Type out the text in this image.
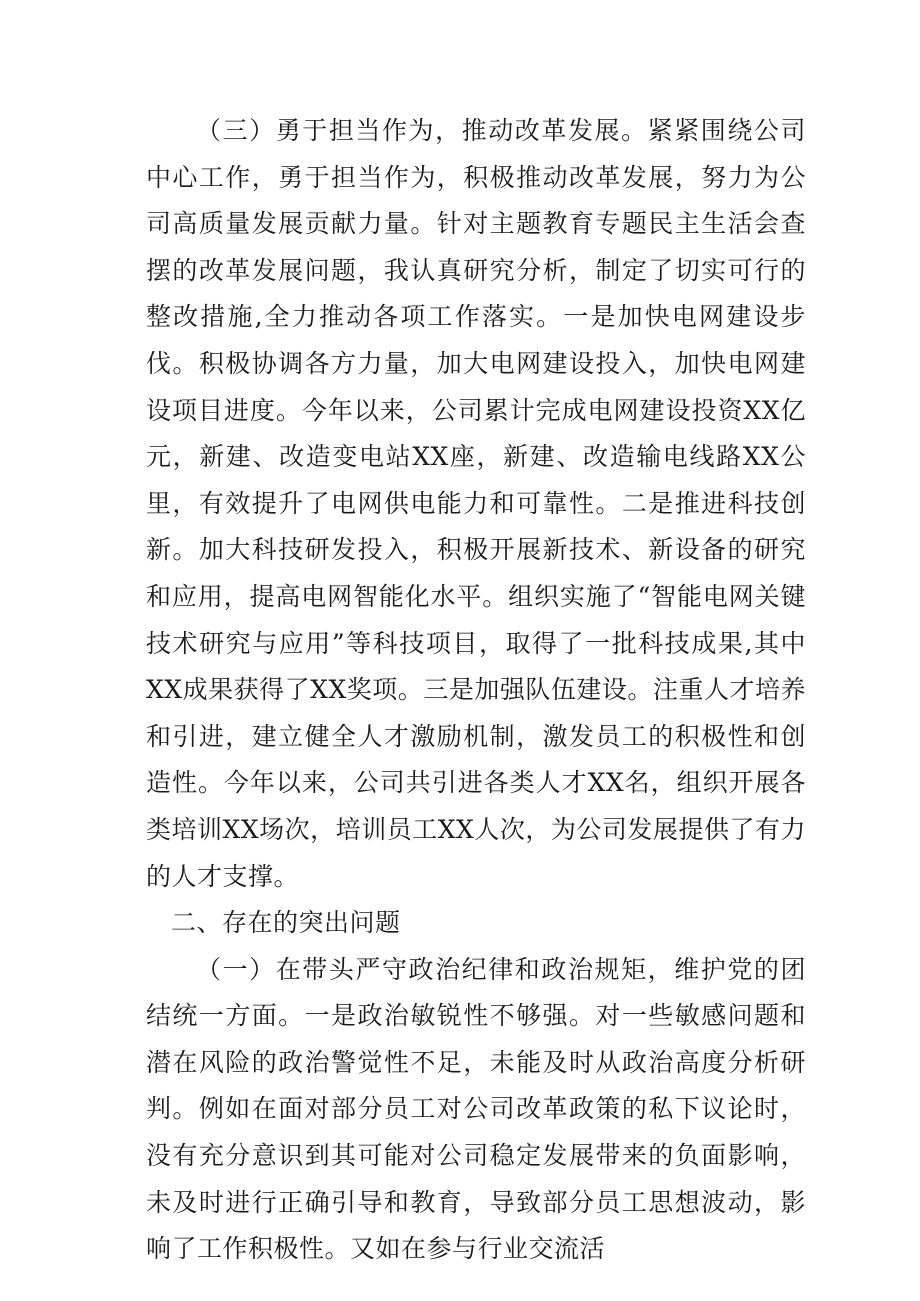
（三）勇于担当作为，推动改革发展。紧紧围绕公司中心工作，勇于担当作为，积极推动改革发展，努力为公司高质量发展贡献力量。针对主题教育专题民主生活会查摆的改革发展问题，我认真研究分析，制定了切实可行的整改措施,全力推动各项工作落实。一是加快电网建设步伐。积极协调各方力量，加大电网建设投入，加快电网建设项目进度。今年以来，公司累计完成电网建设投资XX亿元，新建、改造变电站XX座，新建、改造输电线路XX公里，有效提升了电网供电能力和可靠性。二是推进科技创新。加大科技研发投入，积极开展新技术、新设备的研究和应用，提高电网智能化水平。组织实施了“智能电网关键技术研究与应用”等科技项目，取得了一批科技成果,其中XX成果获得了XX奖项。三是加强队伍建设。注重人才培养和引进，建立健全人才激励机制，激发员工的积极性和创造性。今年以来，公司共引进各类人才XX名，组织开展各类培训XX场次，培训员工XX人次，为公司发展提供了有力的人才支撑。

二、存在的突出问题

（一）在带头严守政治纪律和政治规矩，维护党的团结统一方面。一是政治敏锐性不够强。对一些敏感问题和潜在风险的政治警觉性不足，未能及时从政治高度分析研判。例如在面对部分员工对公司改革政策的私下议论时，没有充分意识到其可能对公司稳定发展带来的负面影响，未及时进行正确引导和教育，导致部分员工思想波动，影响了工作积极性。又如在参与行业交流活
